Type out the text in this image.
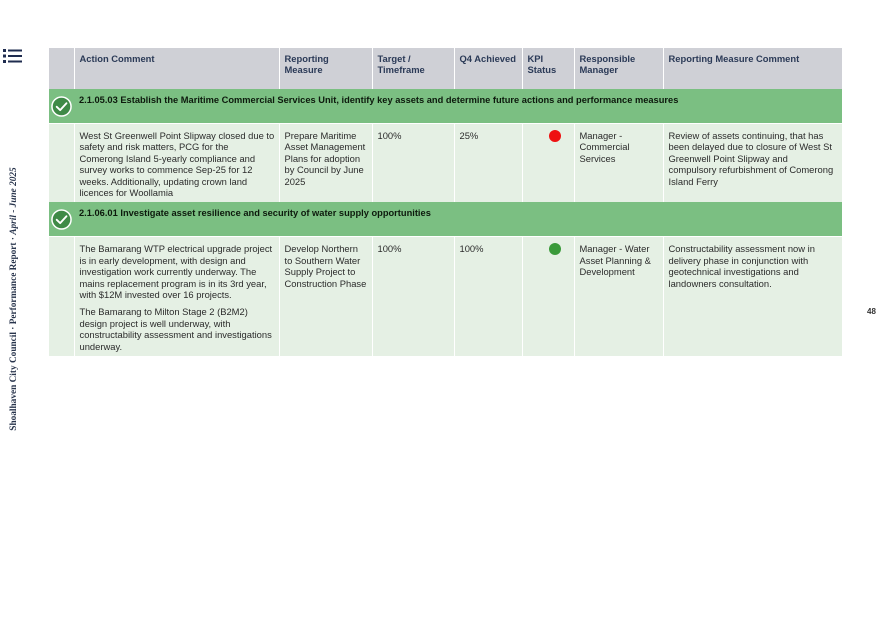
Shoalhaven City Council · Performance Report · April - June 2025
48
	Action Comment	Reporting Measure	Target / Timeframe	Q4 Achieved	KPI Status	Responsible Manager	Reporting Measure Comment

	2.1.05.03 Establish the Maritime Commercial Services Unit, identify key assets and determine future actions and performance measures						

	West St Greenwell Point Slipway closed due to safety and risk matters, PCG for the Comerong Island 5-yearly compliance and survey works to commence Sep-25 for 12 weeks. Additionally, updating crown land licences for Woollamia	Prepare Maritime Asset Management Plans for adoption by Council by June 2025	100%	25%		Manager - Commercial Services	Review of assets continuing, that has been delayed due to closure of West St Greenwell Point Slipway and compulsory refurbishment of Comerong Island Ferry

	2.1.06.01 Investigate asset resilience and security of water supply opportunities						

	The Bamarang WTP electrical upgrade project is in early development, with design and investigation work currently underway. The mains replacement program is in its 3rd year, with $12M invested over 16 projects.

The Bamarang to Milton Stage 2 (B2M2) design project is well underway, with constructability assessment and investigations underway.	Develop Northern to Southern Water Supply Project to Construction Phase	100%	100%		Manager - Water Asset Planning & Development	Constructability assessment now in delivery phase in conjunction with geotechnical investigations and landowners consultation.
